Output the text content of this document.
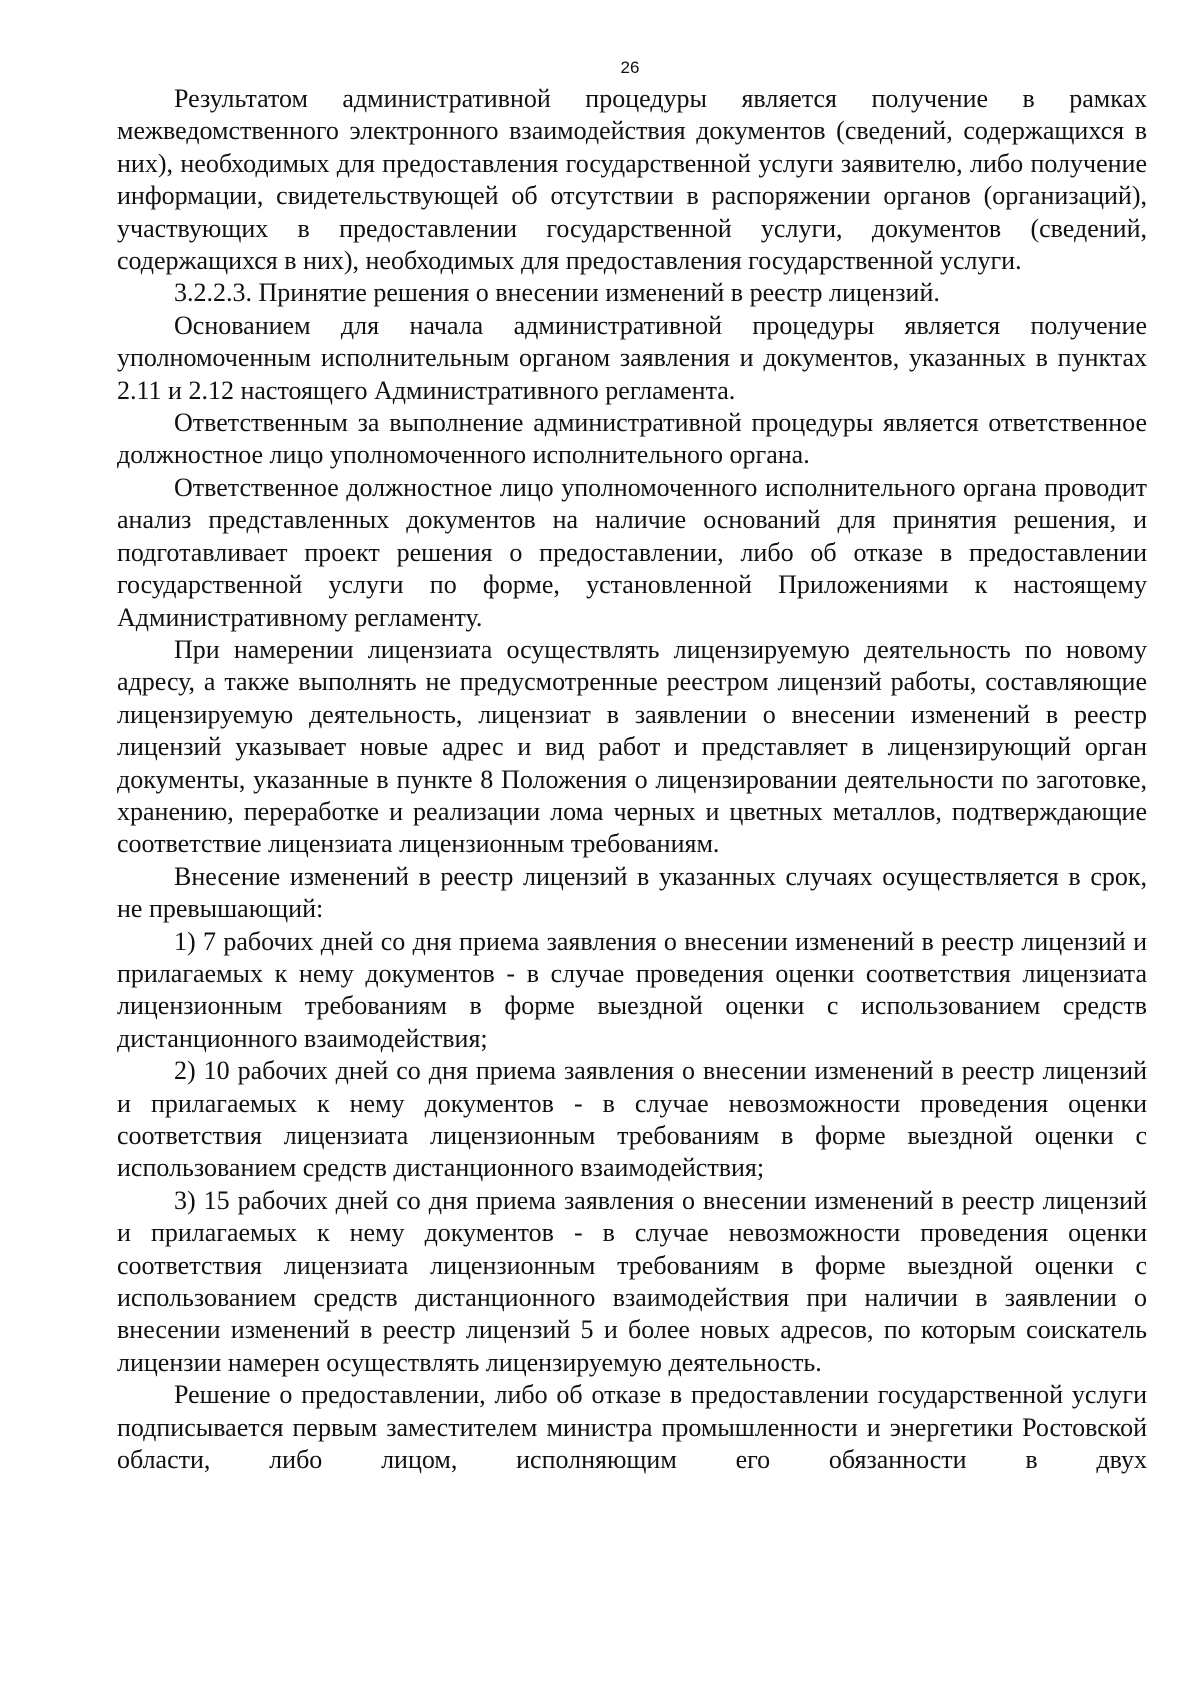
26

Результатом административной процедуры является получение в рамках межведомственного электронного взаимодействия документов (сведений, содержащихся в них), необходимых для предоставления государственной услуги заявителю, либо получение информации, свидетельствующей об отсутствии в распоряжении органов (организаций), участвующих в предоставлении государственной услуги, документов (сведений, содержащихся в них), необходимых для предоставления государственной услуги.

3.2.2.3. Принятие решения о внесении изменений в реестр лицензий.

Основанием для начала административной процедуры является получение уполномоченным исполнительным органом заявления и документов, указанных в пунктах 2.11 и 2.12 настоящего Административного регламента.

Ответственным за выполнение административной процедуры является ответственное должностное лицо уполномоченного исполнительного органа.

Ответственное должностное лицо уполномоченного исполнительного органа проводит анализ представленных документов на наличие оснований для принятия решения, и подготавливает проект решения о предоставлении, либо об отказе в предоставлении государственной услуги по форме, установленной Приложениями к настоящему Административному регламенту.

При намерении лицензиата осуществлять лицензируемую деятельность по новому адресу, а также выполнять не предусмотренные реестром лицензий работы, составляющие лицензируемую деятельность, лицензиат в заявлении о внесении изменений в реестр лицензий указывает новые адрес и вид работ и представляет в лицензирующий орган документы, указанные в пункте 8 Положения о лицензировании деятельности по заготовке, хранению, переработке и реализации лома черных и цветных металлов, подтверждающие соответствие лицензиата лицензионным требованиям.

Внесение изменений в реестр лицензий в указанных случаях осуществляется в срок, не превышающий:

1) 7 рабочих дней со дня приема заявления о внесении изменений в реестр лицензий и прилагаемых к нему документов - в случае проведения оценки соответствия лицензиата лицензионным требованиям в форме выездной оценки с использованием средств дистанционного взаимодействия;

2) 10 рабочих дней со дня приема заявления о внесении изменений в реестр лицензий и прилагаемых к нему документов - в случае невозможности проведения оценки соответствия лицензиата лицензионным требованиям в форме выездной оценки с использованием средств дистанционного взаимодействия;

3) 15 рабочих дней со дня приема заявления о внесении изменений в реестр лицензий и прилагаемых к нему документов - в случае невозможности проведения оценки соответствия лицензиата лицензионным требованиям в форме выездной оценки с использованием средств дистанционного взаимодействия при наличии в заявлении о внесении изменений в реестр лицензий 5 и более новых адресов, по которым соискатель лицензии намерен осуществлять лицензируемую деятельность.

Решение о предоставлении, либо об отказе в предоставлении государственной услуги подписывается первым заместителем министра промышленности и энергетики Ростовской области, либо лицом, исполняющим его обязанности в двух
